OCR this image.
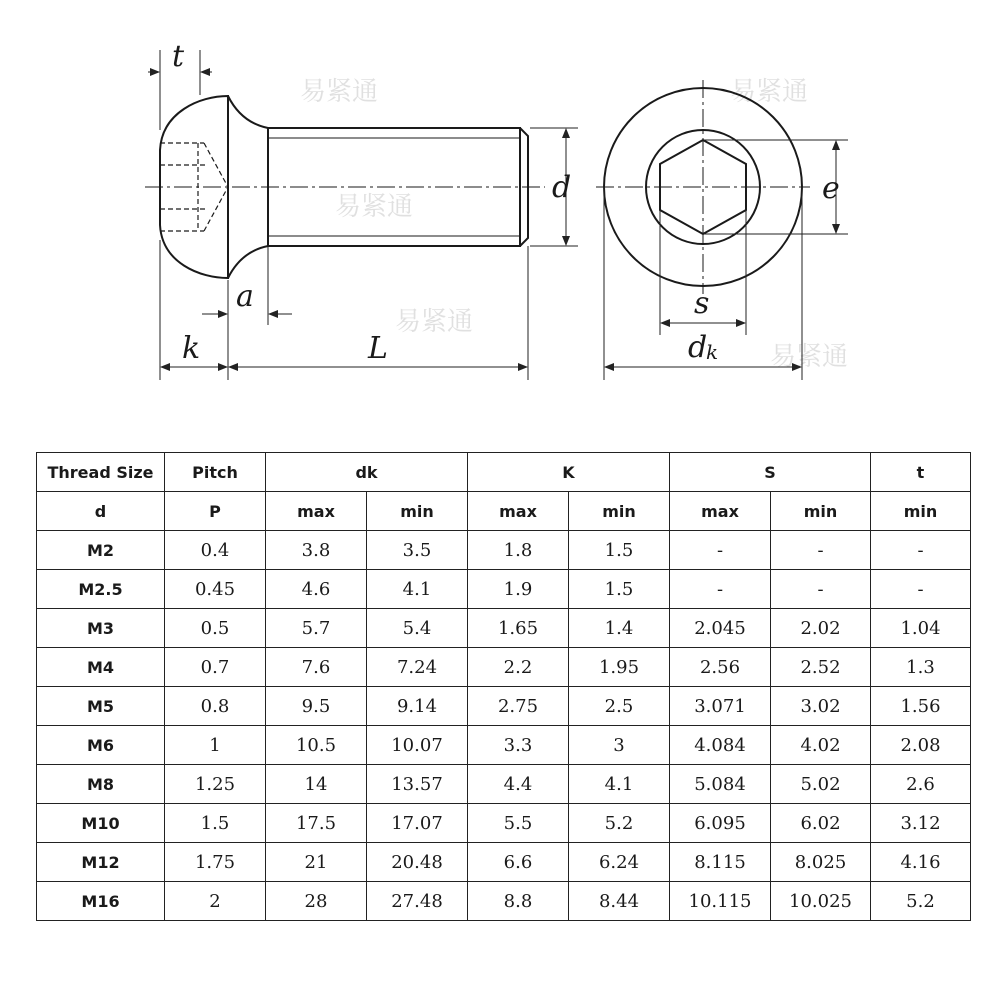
易紧通
易紧通
易紧通
易紧通
易紧通
t
k
a
L
d	e
s
d
k
Thread Size	Pitch	dk		K		S		t
d	P	max	min	max	min	max	min	min
M2	0.4	3.8	3.5	1.8	1.5	-	-	-
M2.5	0.45	4.6	4.1	1.9	1.5	-	-	-
M3	0.5	5.7	5.4	1.65	1.4	2.045	2.02	1.04
M4	0.7	7.6	7.24	2.2	1.95	2.56	2.52	1.3
M5	0.8	9.5	9.14	2.75	2.5	3.071	3.02	1.56
M6	1	10.5	10.07	3.3	3	4.084	4.02	2.08
M8	1.25	14	13.57	4.4	4.1	5.084	5.02	2.6
M10	1.5	17.5	17.07	5.5	5.2	6.095	6.02	3.12
M12	1.75	21	20.48	6.6	6.24	8.115	8.025	4.16
M16	2	28	27.48	8.8	8.44	10.115	10.025	5.2
